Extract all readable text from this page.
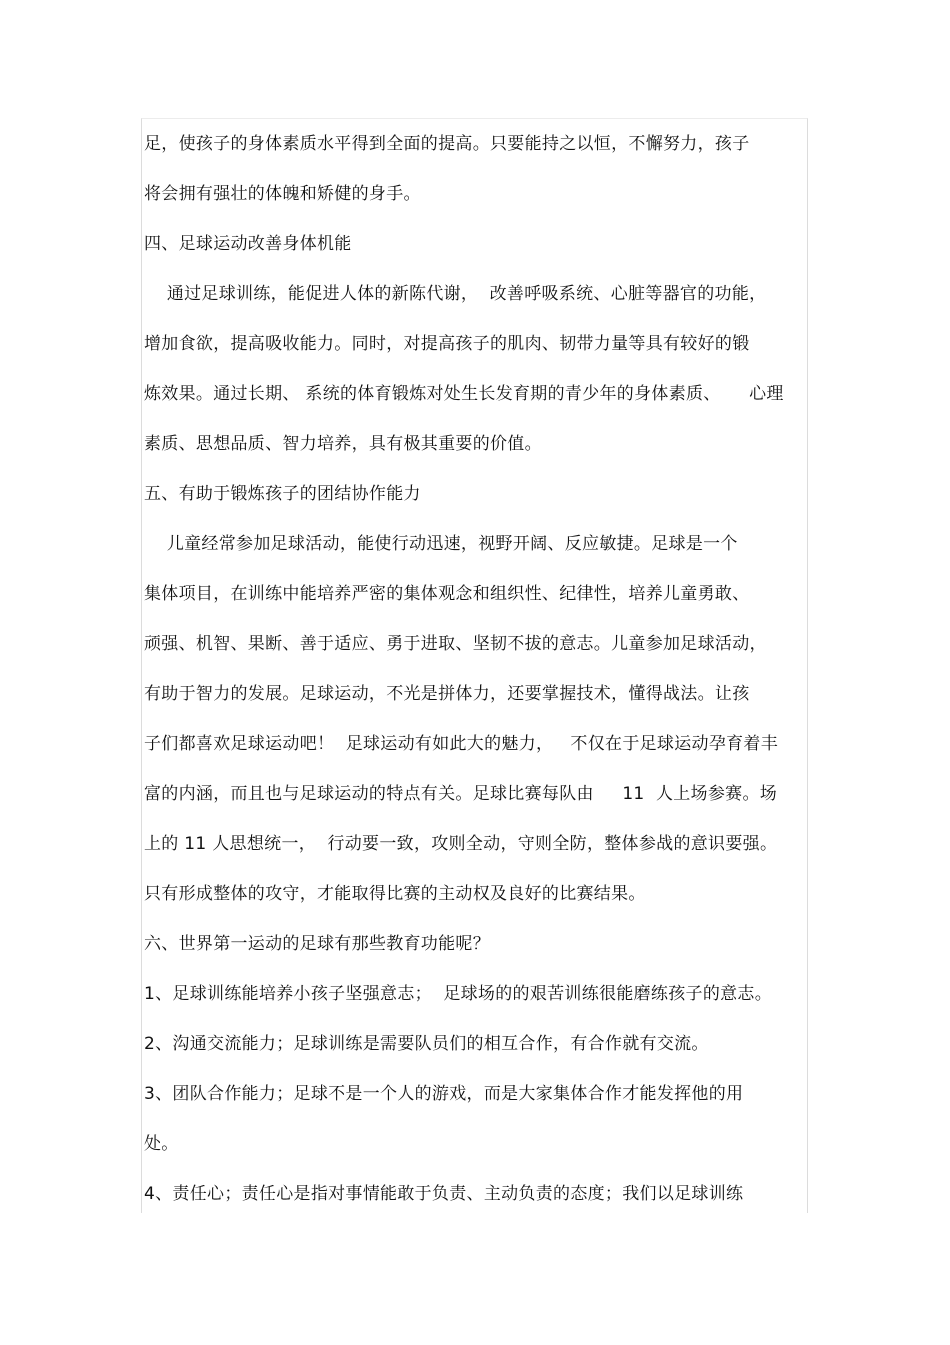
足，使孩子的身体素质水平得到全面的提高。只要能持之以恒，不懈努力，孩子
将会拥有强壮的体魄和矫健的身手。
四、足球运动改善身体机能
通过足球训练，能促进人体的新陈代谢，  改善呼吸系统、心脏等器官的功能，
增加食欲，提高吸收能力。同时，对提高孩子的肌肉、韧带力量等具有较好的锻
炼效果。通过长期、 系统的体育锻炼对处生长发育期的青少年的身体素质、     心理
素质、思想品质、智力培养，具有极其重要的价值。
五、有助于锻炼孩子的团结协作能力
儿童经常参加足球活动，能使行动迅速，视野开阔、反应敏捷。足球是一个
集体项目，在训练中能培养严密的集体观念和组织性、纪律性，培养儿童勇敢、
顽强、机智、果断、善于适应、勇于进取、坚韧不拔的意志。儿童参加足球活动，
有助于智力的发展。足球运动，不光是拼体力，还要掌握技术，懂得战法。让孩
子们都喜欢足球运动吧！  足球运动有如此大的魅力，   不仅在于足球运动孕育着丰
富的内涵，而且也与足球运动的特点有关。足球比赛每队由     11  人上场参赛。场
上的 11 人思想统一，  行动要一致，攻则全动，守则全防，整体参战的意识要强。
只有形成整体的攻守，才能取得比赛的主动权及良好的比赛结果。
六、世界第一运动的足球有那些教育功能呢？
1、足球训练能培养小孩子坚强意志；  足球场的的艰苦训练很能磨练孩子的意志。
2、沟通交流能力；足球训练是需要队员们的相互合作，有合作就有交流。
3、团队合作能力；足球不是一个人的游戏，而是大家集体合作才能发挥他的用
处。
4、责任心；责任心是指对事情能敢于负责、主动负责的态度；我们以足球训练
